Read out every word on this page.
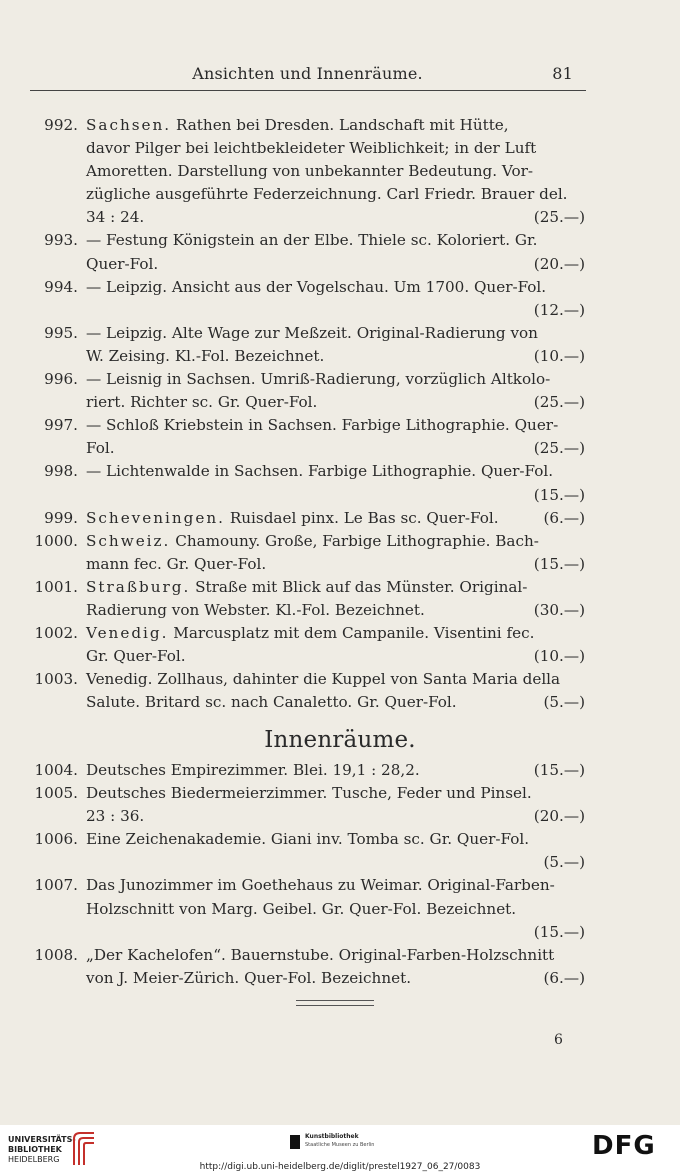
Ansichten und Innenräume.	81
992. Sachsen. Rathen bei Dresden. Landschaft mit Hütte,
davor Pilger bei leichtbekleideter Weiblichkeit; in der Luft
Amoretten. Darstellung von unbekannter Bedeutung. Vor-
zügliche ausgeführte Federzeichnung. Carl Friedr. Brauer del.
34 : 24.	(25.—)
993. — Festung Königstein an der Elbe. Thiele sc. Koloriert. Gr.
Quer-Fol.	(20.—)
994. — Leipzig. Ansicht aus der Vogelschau. Um 1700. Quer-Fol.

(12.—)
995. — Leipzig. Alte Wage zur Meßzeit. Original-Radierung von
W. Zeising. Kl.-Fol. Bezeichnet.	(10.—)
996. — Leisnig in Sachsen. Umriß-Radierung, vorzüglich Altkolo-
riert. Richter sc. Gr. Quer-Fol.	(25.—)
997. — Schloß Kriebstein in Sachsen. Farbige Lithographie. Quer-
Fol.	(25.—)
998. — Lichtenwalde in Sachsen. Farbige Lithographie. Quer-Fol.

(15.—)
999. Scheveningen. Ruisdael pinx. Le Bas sc. Quer-Fol.	(6.—)
1000. Schweiz. Chamouny. Große, Farbige Lithographie. Bach-
mann fec. Gr. Quer-Fol.	(15.—)
1001. Straßburg. Straße mit Blick auf das Münster. Original-
Radierung von Webster. Kl.-Fol. Bezeichnet.	(30.—)
1002. Venedig. Marcusplatz mit dem Campanile. Visentini fec.
Gr. Quer-Fol.	(10.—)
1003. Venedig. Zollhaus, dahinter die Kuppel von Santa Maria della
Salute. Britard sc. nach Canaletto. Gr. Quer-Fol.	(5.—)
Innenräume.
1004. Deutsches Empirezimmer. Blei. 19,1 : 28,2.	(15.—)
1005. Deutsches Biedermeierzimmer. Tusche, Feder und Pinsel.
23 : 36.	(20.—)
1006. Eine Zeichenakademie. Giani inv. Tomba sc. Gr. Quer-Fol.

(5.—)
1007. Das Junozimmer im Goethehaus zu Weimar. Original-Farben-
Holzschnitt von Marg. Geibel. Gr. Quer-Fol. Bezeichnet.

(15.—)
1008. „Der Kachelofen“. Bauernstube. Original-Farben-Holzschnitt
von J. Meier-Zürich. Quer-Fol. Bezeichnet.	(6.—)
6
UNIVERSITÄTS-
BIBLIOTHEK
HEIDELBERG
Kunstbibliothek
Staatliche Museen zu Berlin
http://digi.ub.uni-heidelberg.de/diglit/prestel1927_06_27/0083
DFG
